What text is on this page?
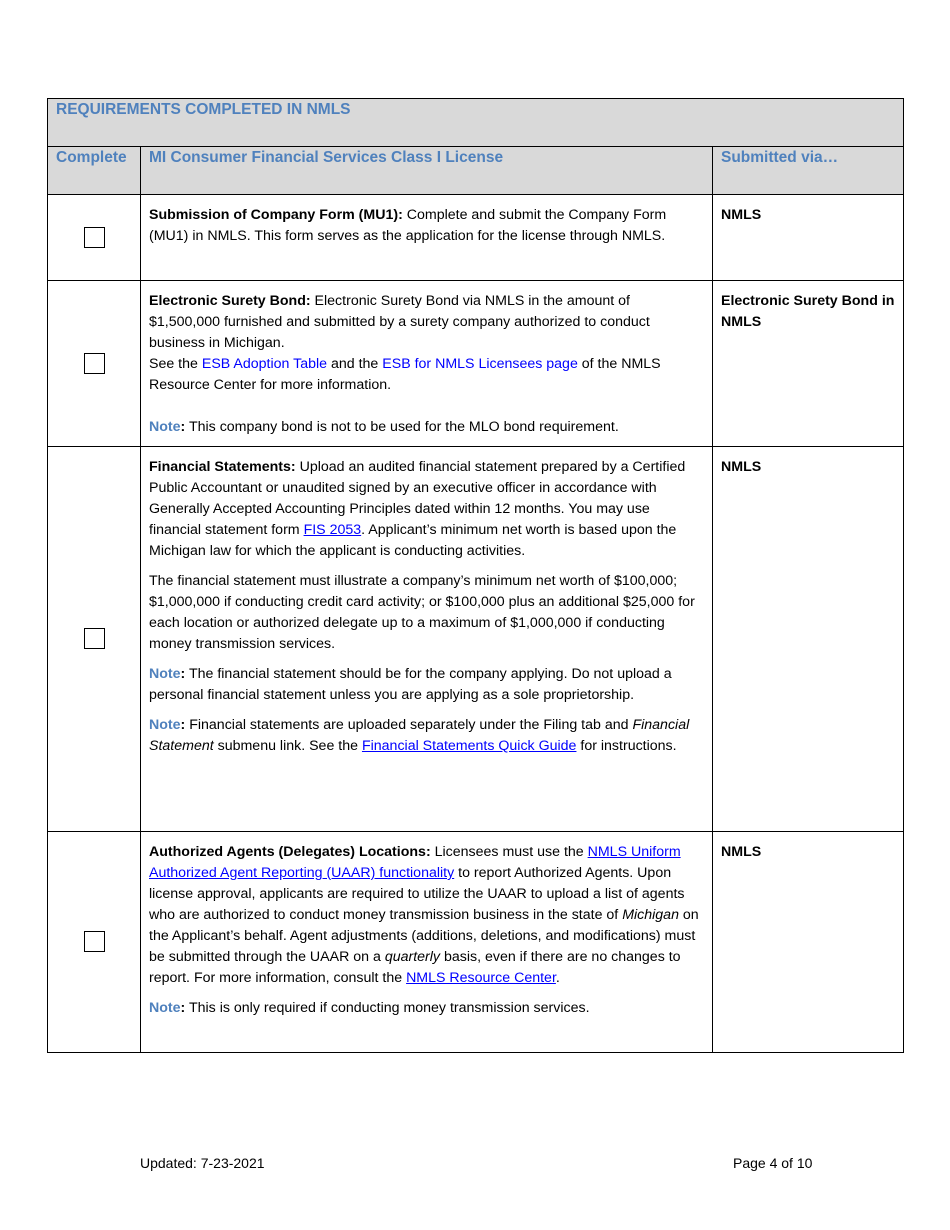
REQUIREMENTS COMPLETED IN NMLS		
Complete	MI Consumer Financial Services Class I License	Submitted via…

	Submission of Company Form (MU1): Complete and submit the Company Form (MU1) in NMLS. This form serves as the application for the license through NMLS.	NMLS

	Electronic Surety Bond: Electronic Surety Bond via NMLS in the amount of $1,500,000 furnished and submitted by a surety company authorized to conduct business in Michigan.
See the ESB Adoption Table and the ESB for NMLS Licensees page of the NMLS Resource Center for more information.

Note: This company bond is not to be used for the MLO bond requirement.	Electronic Surety Bond in NMLS

	Financial Statements: Upload an audited financial statement prepared by a Certified Public Accountant or unaudited signed by an executive officer in accordance with Generally Accepted Accounting Principles dated within 12 months. You may use financial statement form FIS 2053. Applicant’s minimum net worth is based upon the Michigan law for which the applicant is conducting activities.

The financial statement must illustrate a company’s minimum net worth of $100,000; $1,000,000 if conducting credit card activity; or $100,000 plus an additional $25,000 for each location or authorized delegate up to a maximum of $1,000,000 if conducting money transmission services.

Note: The financial statement should be for the company applying. Do not upload a personal financial statement unless you are applying as a sole proprietorship.

Note: Financial statements are uploaded separately under the Filing tab and Financial Statement submenu link. See the Financial Statements Quick Guide for instructions.	NMLS

	Authorized Agents (Delegates) Locations: Licensees must use the NMLS Uniform Authorized Agent Reporting (UAAR) functionality to report Authorized Agents. Upon license approval, applicants are required to utilize the UAAR to upload a list of agents who are authorized to conduct money transmission business in the state of Michigan on the Applicant’s behalf. Agent adjustments (additions, deletions, and modifications) must be submitted through the UAAR on a quarterly basis, even if there are no changes to report. For more information, consult the NMLS Resource Center.

Note: This is only required if conducting money transmission services.	NMLS
Updated: 7-23-2021	Page 4 of 10
